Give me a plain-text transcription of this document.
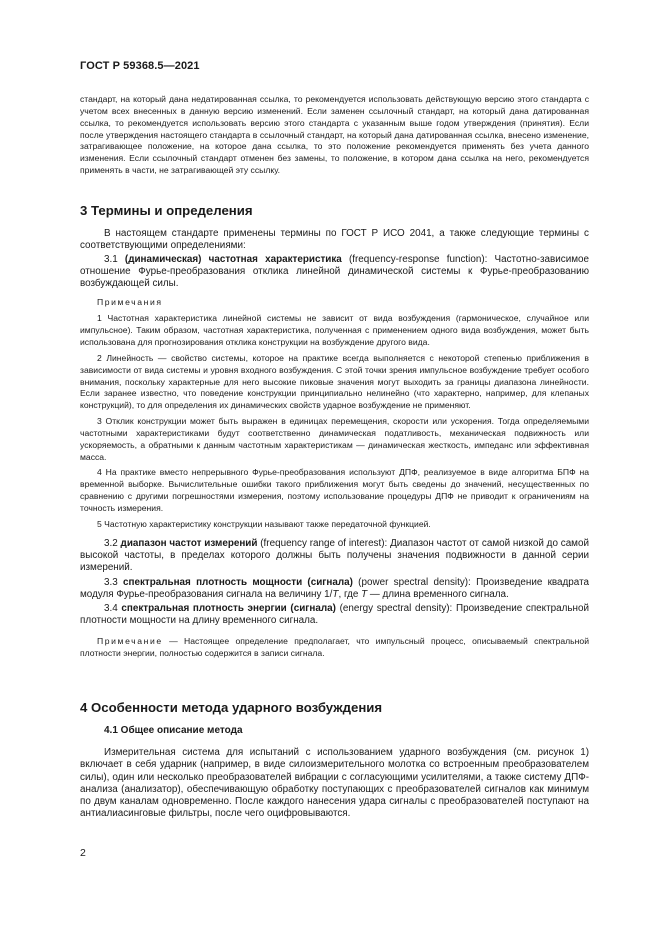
ГОСТ Р 59368.5—2021

стандарт, на который дана недатированная ссылка, то рекомендуется использовать действующую версию этого стандарта с учетом всех внесенных в данную версию изменений. Если заменен ссылочный стандарт, на который дана датированная ссылка, то рекомендуется использовать версию этого стандарта с указанным выше годом утверждения (принятия). Если после утверждения настоящего стандарта в ссылочный стандарт, на который дана датированная ссылка, внесено изменение, затрагивающее положение, на которое дана ссылка, то это положение рекомендуется применять без учета данного изменения. Если ссылочный стандарт отменен без замены, то положение, в котором дана ссылка на него, рекомендуется применять в части, не затрагивающей эту ссылку.

3 Термины и определения

В настоящем стандарте применены термины по ГОСТ Р ИСО 2041, а также следующие термины с соответствующими определениями:

3.1 (динамическая) частотная характеристика (frequency-response function): Частотно-зависимое отношение Фурье-преобразования отклика линейной динамической системы к Фурье-преобразованию возбуждающей силы.

Примечания

1 Частотная характеристика линейной системы не зависит от вида возбуждения (гармоническое, случайное или импульсное). Таким образом, частотная характеристика, полученная с применением одного вида возбуждения, может быть использована для прогнозирования отклика конструкции на возбуждение другого вида.

2 Линейность — свойство системы, которое на практике всегда выполняется с некоторой степенью приближения в зависимости от вида системы и уровня входного возбуждения. С этой точки зрения импульсное возбуждение требует особого внимания, поскольку характерные для него высокие пиковые значения могут выходить за границы диапазона линейности. Если заранее известно, что поведение конструкции принципиально нелинейно (что характерно, например, для клепаных конструкций), то для определения их динамических свойств ударное возбуждение не применяют.

3 Отклик конструкции может быть выражен в единицах перемещения, скорости или ускорения. Тогда определяемыми частотными характеристиками будут соответственно динамическая податливость, механическая подвижность или ускоряемость, а обратными к данным частотным характеристикам — динамическая жесткость, импеданс или эффективная масса.

4 На практике вместо непрерывного Фурье-преобразования используют ДПФ, реализуемое в виде алгоритма БПФ на временной выборке. Вычислительные ошибки такого приближения могут быть сведены до значений, несущественных по сравнению с другими погрешностями измерения, поэтому использование процедуры ДПФ не приводит к ограничениям на точность измерения.

5 Частотную характеристику конструкции называют также передаточной функцией.

3.2 диапазон частот измерений (frequency range of interest): Диапазон частот от самой низкой до самой высокой частоты, в пределах которого должны быть получены значения подвижности в данной серии измерений.

3.3 спектральная плотность мощности (сигнала) (power spectral density): Произведение квадрата модуля Фурье-преобразования сигнала на величину 1/T, где T — длина временного сигнала.

3.4 спектральная плотность энергии (сигнала) (energy spectral density): Произведение спектральной плотности мощности на длину временного сигнала.

Примечание — Настоящее определение предполагает, что импульсный процесс, описываемый спектральной плотности энергии, полностью содержится в записи сигнала.

4 Особенности метода ударного возбуждения
4.1 Общее описание метода

Измерительная система для испытаний с использованием ударного возбуждения (см. рисунок 1) включает в себя ударник (например, в виде силоизмерительного молотка со встроенным преобразователем силы), один или несколько преобразователей вибрации с согласующими усилителями, а также систему ДПФ-анализа (анализатор), обеспечивающую обработку поступающих с преобразователей сигналов как минимум по двум каналам одновременно. После каждого нанесения удара сигналы с преобразователей поступают на антиалиасинговые фильтры, после чего оцифровываются.

2
